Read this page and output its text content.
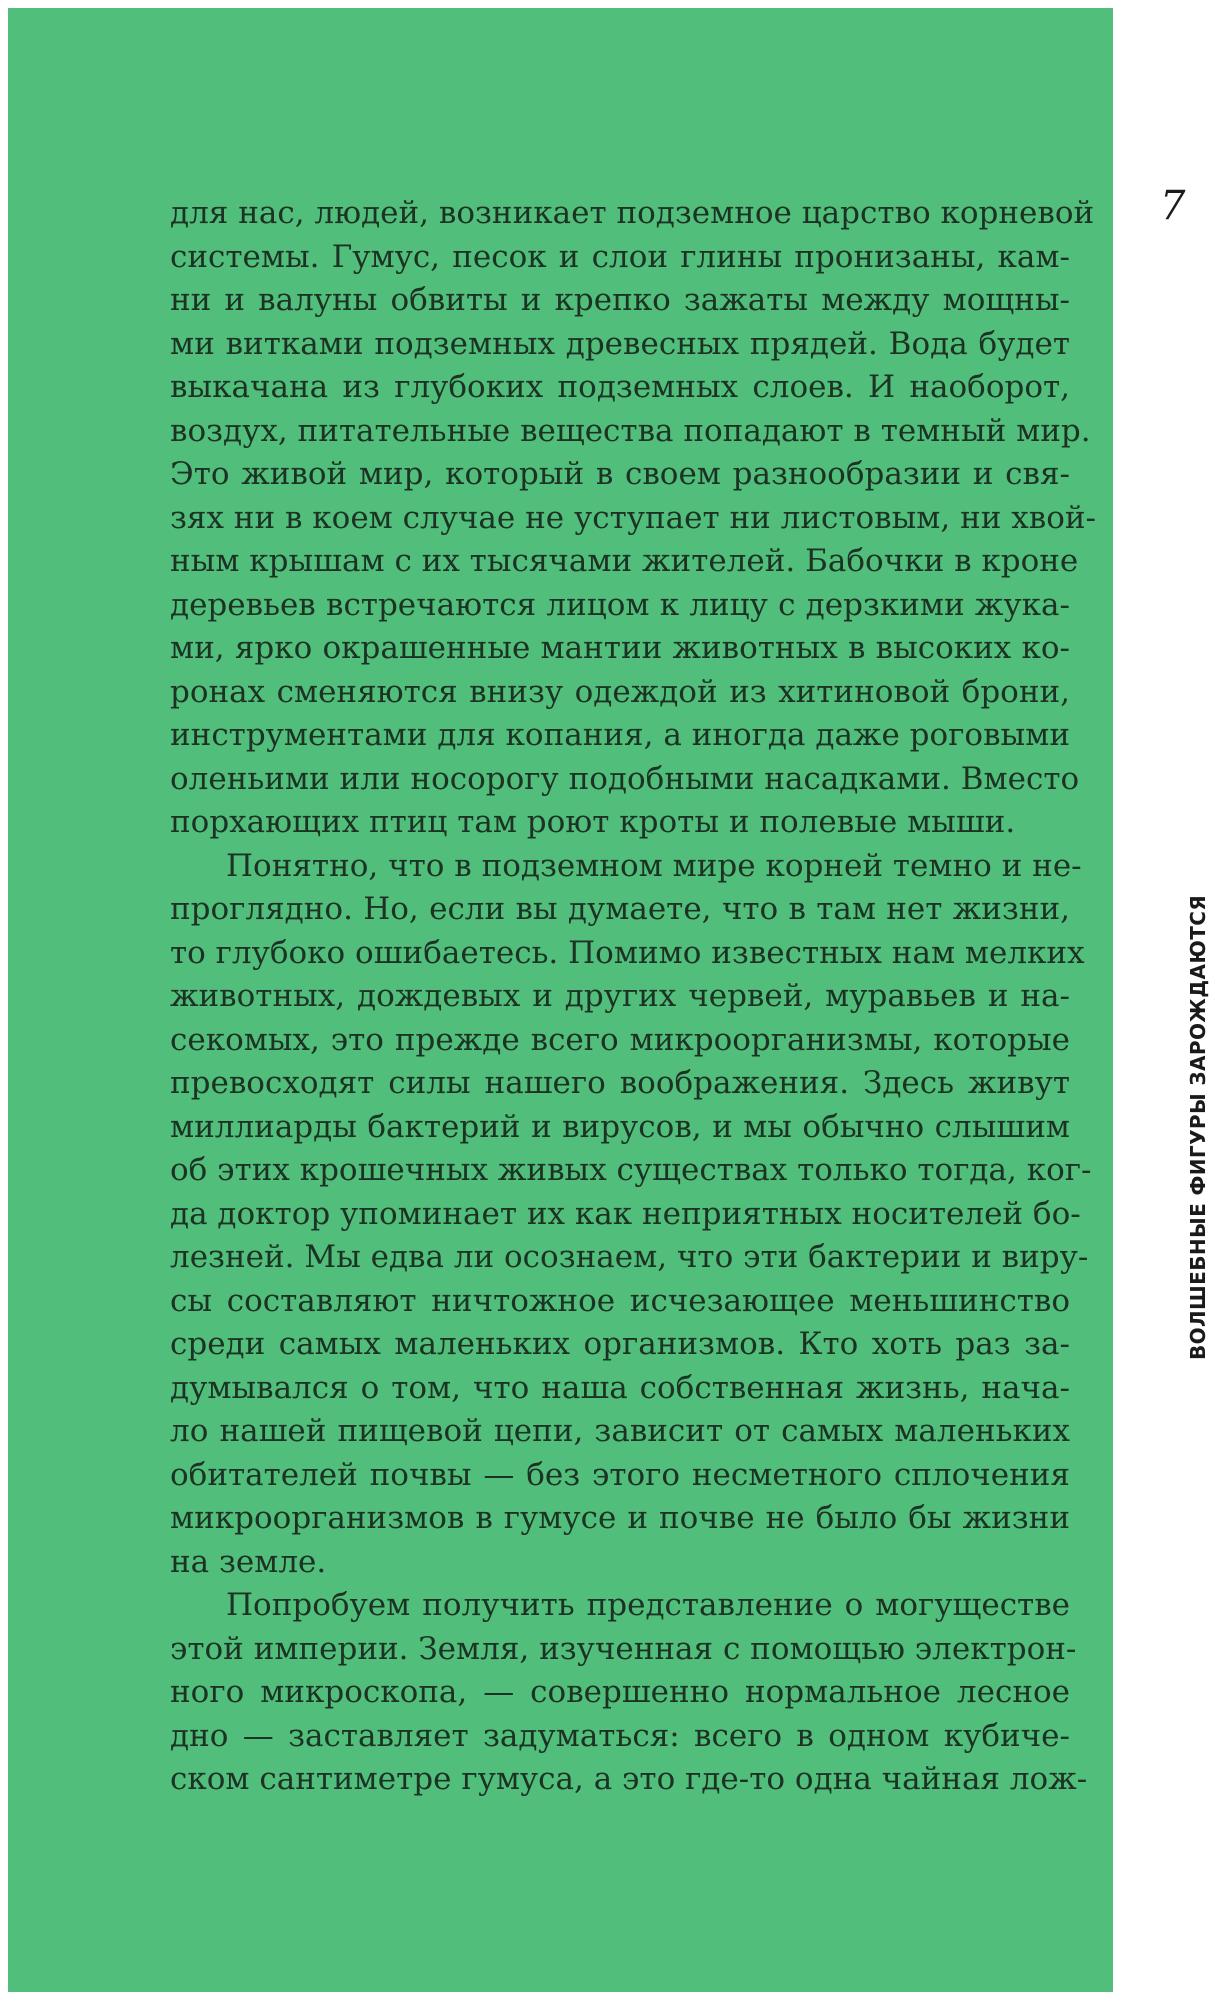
7
ВОЛШЕБНЫЕ ФИГУРЫ ЗАРОЖДАЮТСЯ
для нас, людей, возникает подземное царство корневой
системы. Гумус, песок и слои глины пронизаны, кам-
ни и валуны обвиты и крепко зажаты между мощны-
ми витками подземных древесных прядей. Вода будет
выкачана из глубоких подземных слоев. И наоборот,
воздух, питательные вещества попадают в темный мир.
Это живой мир, который в своем разнообразии и свя-
зях ни в коем случае не уступает ни листовым, ни хвой-
ным крышам с их тысячами жителей. Бабочки в кроне
деревьев встречаются лицом к лицу с дерзкими жука-
ми, ярко окрашенные мантии животных в высоких ко-
ронах сменяются внизу одеждой из хитиновой брони,
инструментами для копания, а иногда даже роговыми
оленьими или носорогу подобными насадками. Вместо
порхающих птиц там роют кроты и полевые мыши.
Понятно, что в подземном мире корней темно и не-
проглядно. Но, если вы думаете, что в там нет жизни,
то глубоко ошибаетесь. Помимо известных нам мелких
животных, дождевых и других червей, муравьев и на-
секомых, это прежде всего микроорганизмы, которые
превосходят силы нашего воображения. Здесь живут
миллиарды бактерий и вирусов, и мы обычно слышим
об этих крошечных живых существах только тогда, ког-
да доктор упоминает их как неприятных носителей бо-
лезней. Мы едва ли осознаем, что эти бактерии и виру-
сы составляют ничтожное исчезающее меньшинство
среди самых маленьких организмов. Кто хоть раз за-
думывался о том, что наша собственная жизнь, нача-
ло нашей пищевой цепи, зависит от самых маленьких
обитателей почвы — без этого несметного сплочения
микроорганизмов в гумусе и почве не было бы жизни
на земле.
Попробуем получить представление о могуществе
этой империи. Земля, изученная с помощью электрон-
ного микроскопа, — совершенно нормальное лесное
дно — заставляет задуматься: всего в одном кубиче-
ском сантиметре гумуса, а это где-то одна чайная лож-
